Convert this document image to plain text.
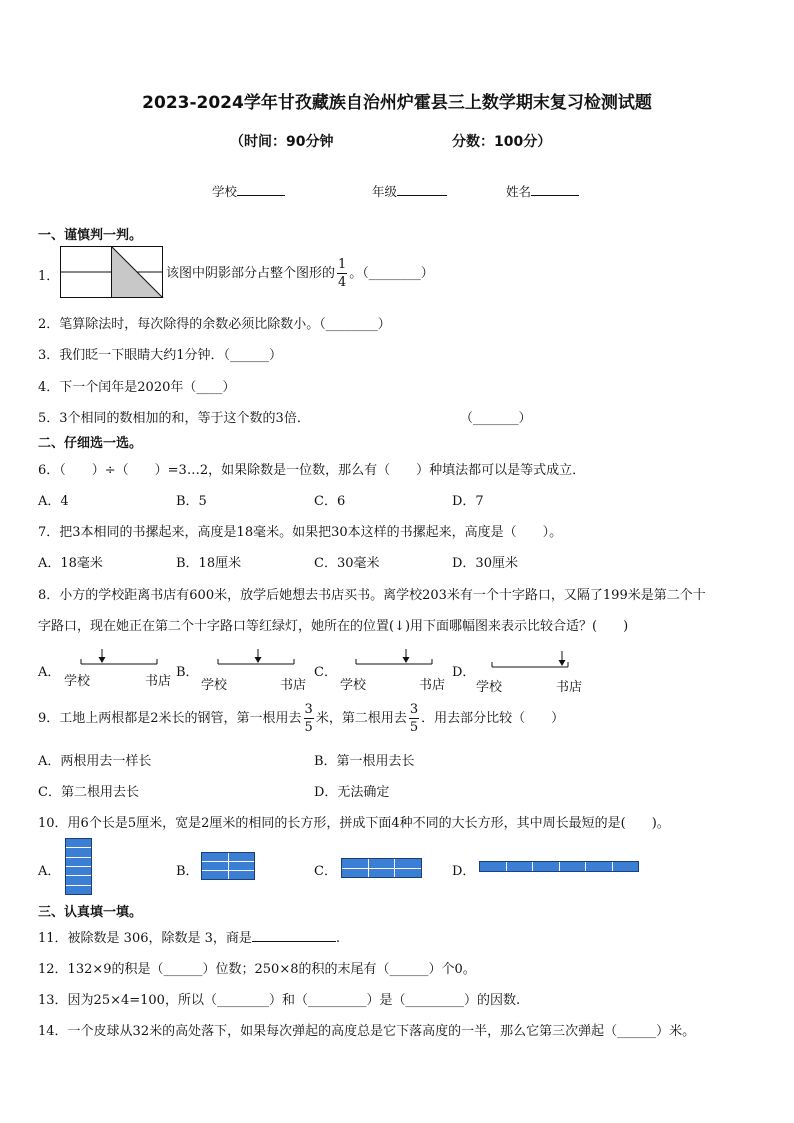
2023-2024学年甘孜藏族自治州炉霍县三上数学期末复习检测试题
（时间：90分钟	分数：100分）
学校	年级	姓名
一、谨慎判一判。
1．	该图中阴影部分占整个图形的 $\frac{1}{4}$ 。（________）
2．笔算除法时，每次除得的余数必须比除数小。（________）
3．我们眨一下眼睛大约1分钟．（______）
4．下一个闰年是2020年（____）
5．3个相同的数相加的和，等于这个数的3倍．	（_______）
二、仔细选一选。
6．（　　）÷（　　）=3…2，如果除数是一位数，那么有（　　）种填法都可以是等式成立．
A．4	B．5	C．6	D．7
7．把3本相同的书摞起来，高度是18毫米。如果把30本这样的书摞起来，高度是（　　）。
A．18毫米	B．18厘米	C．30毫米	D．30厘米
8．小方的学校距离书店有600米，放学后她想去书店买书。离学校203米有一个十字路口，又隔了199米是第二个十
字路口，现在她正在第二个十字路口等红绿灯，她所在的位置(↓)用下面哪幅图来表示比较合适？(　　)
A．
学校	书店
B．
学校	书店
C．
学校	书店
D．
学校	书店
9．工地上两根都是2米长的钢管，第一根用去 $\frac{3}{5}$ 米，第二根用去 $\frac{3}{5}$ ．用去部分比较（　　）
A．两根用去一样长	B．第一根用去长
C．第二根用去长	D．无法确定
10．用6个长是5厘米，宽是2厘米的相同的长方形，拼成下面4种不同的大长方形，其中周长最短的是(　　)。
A．	B．	C．	D．
三、认真填一填。
11．被除数是 306，除数是 3，商是	.
12．132×9的积是（______）位数；250×8的积的末尾有（______）个0。
13．因为25×4=100，所以（________）和（_________）是（_________）的因数.
14．一个皮球从32米的高处落下，如果每次弹起的高度总是它下落高度的一半，那么它第三次弹起（______）米。
